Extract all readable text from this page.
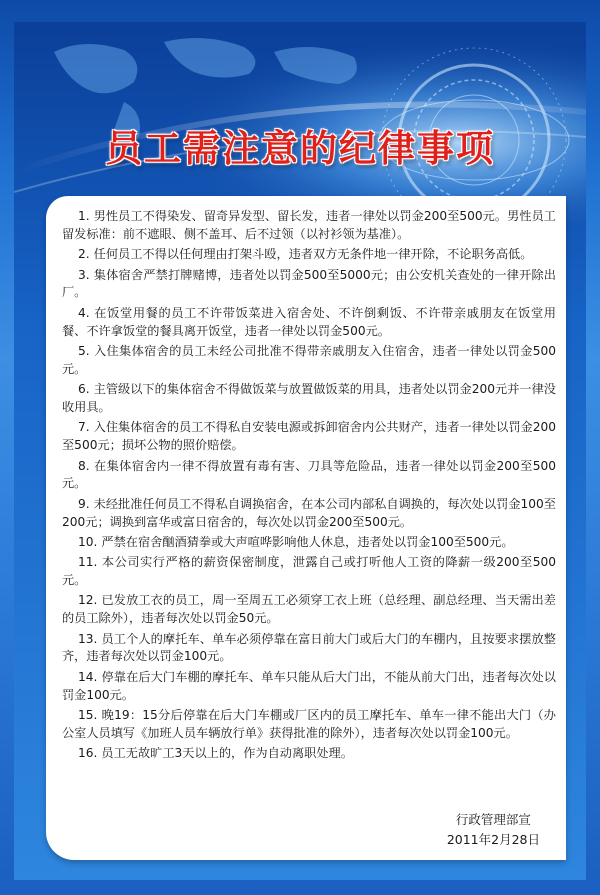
员工需注意的纪律事项
1. 男性员工不得染发、留奇异发型、留长发，违者一律处以罚金200至500元。男性员工留发标准：前不遮眼、侧不盖耳、后不过领（以衬衫领为基准）。
2. 任何员工不得以任何理由打架斗殴，违者双方无条件地一律开除，不论职务高低。
3. 集体宿舍严禁打牌赌博，违者处以罚金500至5000元；由公安机关查处的一律开除出厂。
4. 在饭堂用餐的员工不许带饭菜进入宿舍处、不许倒剩饭、不许带亲戚朋友在饭堂用餐、不许拿饭堂的餐具离开饭堂，违者一律处以罚金500元。
5. 入住集体宿舍的员工未经公司批准不得带亲戚朋友入住宿舍，违者一律处以罚金500元。
6. 主管级以下的集体宿舍不得做饭菜与放置做饭菜的用具，违者处以罚金200元并一律没收用具。
7. 入住集体宿舍的员工不得私自安装电源或拆卸宿舍内公共财产，违者一律处以罚金200至500元；损坏公物的照价赔偿。
8. 在集体宿舍内一律不得放置有毒有害、刀具等危险品，违者一律处以罚金200至500元。
9. 未经批准任何员工不得私自调换宿舍，在本公司内部私自调换的，每次处以罚金100至200元；调换到富华或富日宿舍的，每次处以罚金200至500元。
10. 严禁在宿舍酗酒猜拳或大声喧哗影响他人休息，违者处以罚金100至500元。
11. 本公司实行严格的薪资保密制度，泄露自己或打听他人工资的降薪一级200至500元。
12. 已发放工衣的员工，周一至周五工必须穿工衣上班（总经理、副总经理、当天需出差的员工除外），违者每次处以罚金50元。
13. 员工个人的摩托车、单车必须停靠在富日前大门或后大门的车棚内，且按要求摆放整齐，违者每次处以罚金100元。
14. 停靠在后大门车棚的摩托车、单车只能从后大门出，不能从前大门出，违者每次处以罚金100元。
15. 晚19：15分后停靠在后大门车棚或厂区内的员工摩托车、单车一律不能出大门（办公室人员填写《加班人员车辆放行单》获得批准的除外），违者每次处以罚金100元。
16. 员工无故旷工3天以上的，作为自动离职处理。
行政管理部宣
2011年2月28日
